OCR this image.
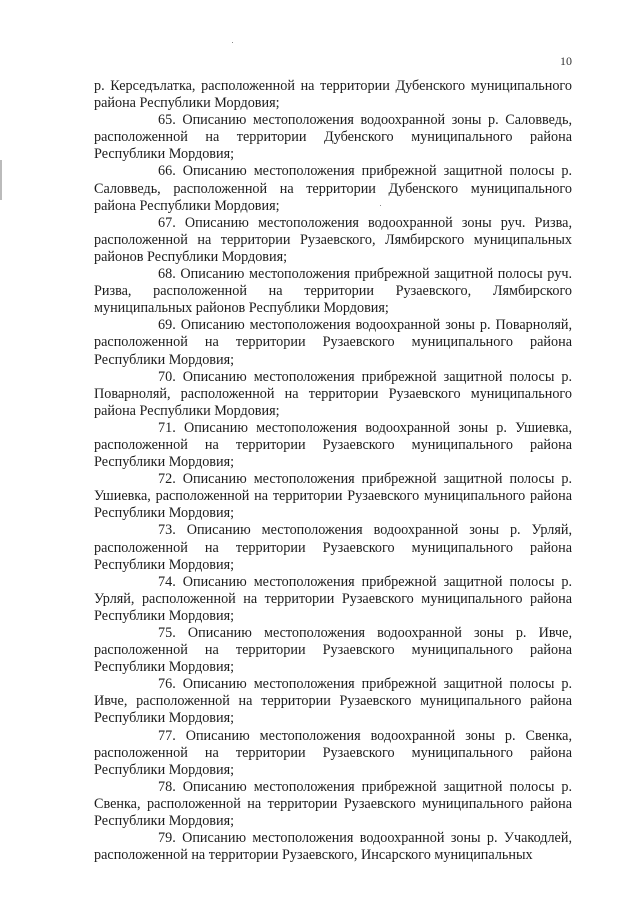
10

р. Керседълатка, расположенной на территории Дубенского муниципального района Республики Мордовия;

65. Описанию местоположения водоохранной зоны р. Саловведь, расположенной на территории Дубенского муниципального района Республики Мордовия;

66. Описанию местоположения прибрежной защитной полосы р. Саловведь, расположенной на территории Дубенского муниципального района Республики Мордовия;

67. Описанию местоположения водоохранной зоны руч. Ризва, расположенной на территории Рузаевского, Лямбирского муниципальных районов Республики Мордовия;

68. Описанию местоположения прибрежной защитной полосы руч. Ризва, расположенной на территории Рузаевского, Лямбирского муниципальных районов Республики Мордовия;

69. Описанию местоположения водоохранной зоны р. Поварноляй, расположенной на территории Рузаевского муниципального района Республики Мордовия;

70. Описанию местоположения прибрежной защитной полосы р. Поварноляй, расположенной на территории Рузаевского муниципального района Республики Мордовия;

71. Описанию местоположения водоохранной зоны р. Ушиевка, расположенной на территории Рузаевского муниципального района Республики Мордовия;

72. Описанию местоположения прибрежной защитной полосы р. Ушиевка, расположенной на территории Рузаевского муниципального района Республики Мордовия;

73. Описанию местоположения водоохранной зоны р. Урляй, расположенной на территории Рузаевского муниципального района Республики Мордовия;

74. Описанию местоположения прибрежной защитной полосы р. Урляй, расположенной на территории Рузаевского муниципального района Республики Мордовия;

75. Описанию местоположения водоохранной зоны р. Ивче, расположенной на территории Рузаевского муниципального района Республики Мордовия;

76. Описанию местоположения прибрежной защитной полосы р. Ивче, расположенной на территории Рузаевского муниципального района Республики Мордовия;

77. Описанию местоположения водоохранной зоны р. Свенка, расположенной на территории Рузаевского муниципального района Республики Мордовия;

78. Описанию местоположения прибрежной защитной полосы р. Свенка, расположенной на территории Рузаевского муниципального района Республики Мордовия;

79. Описанию местоположения водоохранной зоны р. Учакодлей, расположенной на территории Рузаевского, Инсарского муниципальных
